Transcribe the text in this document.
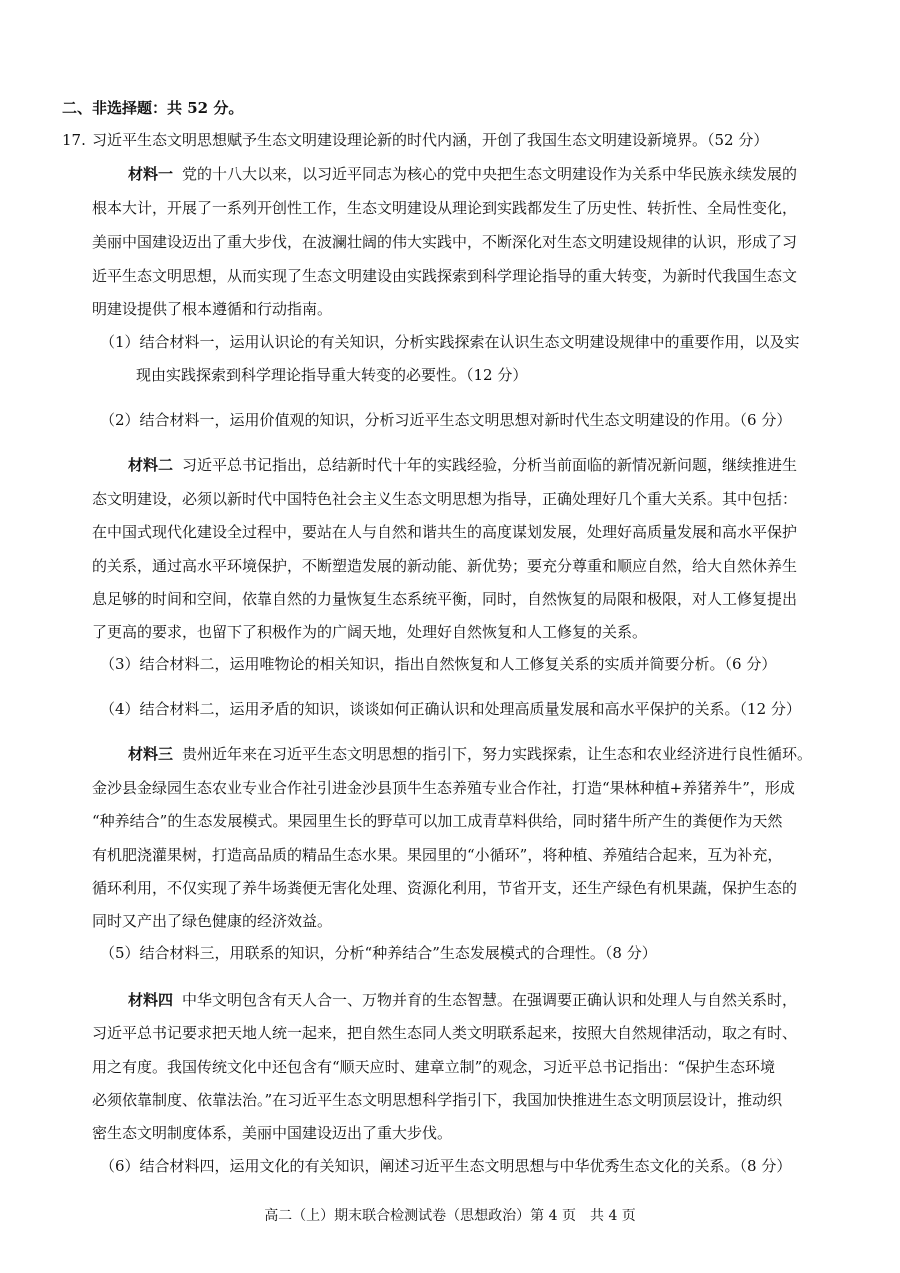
二、非选择题：共 52 分。
17. 习近平生态文明思想赋予生态文明建设理论新的时代内涵，开创了我国生态文明建设新境界。（52 分）
材料一 党的十八大以来，以习近平同志为核心的党中央把生态文明建设作为关系中华民族永续发展的
根本大计，开展了一系列开创性工作，生态文明建设从理论到实践都发生了历史性、转折性、全局性变化，
美丽中国建设迈出了重大步伐，在波澜壮阔的伟大实践中，不断深化对生态文明建设规律的认识，形成了习
近平生态文明思想，从而实现了生态文明建设由实践探索到科学理论指导的重大转变，为新时代我国生态文
明建设提供了根本遵循和行动指南。
（1）结合材料一，运用认识论的有关知识，分析实践探索在认识生态文明建设规律中的重要作用，以及实
现由实践探索到科学理论指导重大转变的必要性。（12 分）
（2）结合材料一，运用价值观的知识，分析习近平生态文明思想对新时代生态文明建设的作用。（6 分）
材料二 习近平总书记指出，总结新时代十年的实践经验，分析当前面临的新情况新问题，继续推进生
态文明建设，必须以新时代中国特色社会主义生态文明思想为指导，正确处理好几个重大关系。其中包括：
在中国式现代化建设全过程中，要站在人与自然和谐共生的高度谋划发展，处理好高质量发展和高水平保护
的关系，通过高水平环境保护，不断塑造发展的新动能、新优势；要充分尊重和顺应自然，给大自然休养生
息足够的时间和空间，依靠自然的力量恢复生态系统平衡，同时，自然恢复的局限和极限，对人工修复提出
了更高的要求，也留下了积极作为的广阔天地，处理好自然恢复和人工修复的关系。
（3）结合材料二，运用唯物论的相关知识，指出自然恢复和人工修复关系的实质并简要分析。（6 分）
（4）结合材料二，运用矛盾的知识，谈谈如何正确认识和处理高质量发展和高水平保护的关系。（12 分）
材料三 贵州近年来在习近平生态文明思想的指引下，努力实践探索，让生态和农业经济进行良性循环。
金沙县金绿园生态农业专业合作社引进金沙县顶牛生态养殖专业合作社，打造“果林种植+养猪养牛”，形成
“种养结合”的生态发展模式。果园里生长的野草可以加工成青草料供给，同时猪牛所产生的粪便作为天然
有机肥浇灌果树，打造高品质的精品生态水果。果园里的“小循环”，将种植、养殖结合起来，互为补充，
循环利用，不仅实现了养牛场粪便无害化处理、资源化利用，节省开支，还生产绿色有机果蔬，保护生态的
同时又产出了绿色健康的经济效益。
（5）结合材料三，用联系的知识，分析“种养结合”生态发展模式的合理性。（8 分）
材料四 中华文明包含有天人合一、万物并育的生态智慧。在强调要正确认识和处理人与自然关系时，
习近平总书记要求把天地人统一起来，把自然生态同人类文明联系起来，按照大自然规律活动，取之有时、
用之有度。我国传统文化中还包含有“顺天应时、建章立制”的观念，习近平总书记指出：“保护生态环境
必须依靠制度、依靠法治。”在习近平生态文明思想科学指引下，我国加快推进生态文明顶层设计，推动织
密生态文明制度体系，美丽中国建设迈出了重大步伐。
（6）结合材料四，运用文化的有关知识，阐述习近平生态文明思想与中华优秀生态文化的关系。（8 分）
高二（上）期末联合检测试卷（思想政治）第 4 页　共 4 页
